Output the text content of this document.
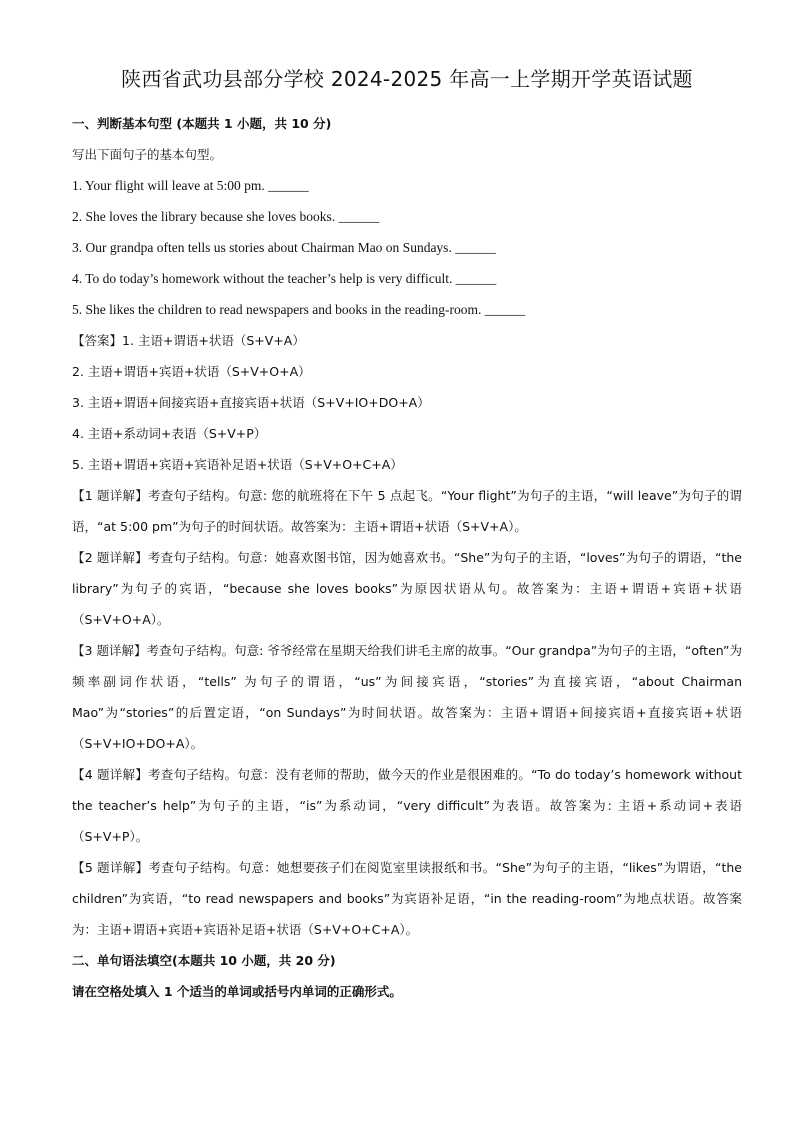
陕西省武功县部分学校 2024-2025 年高一上学期开学英语试题

一、判断基本句型 (本题共 1 小题，共 10 分)

写出下面句子的基本句型。

1. Your flight will leave at 5:00 pm. ______

2. She loves the library because she loves books. ______

3. Our grandpa often tells us stories about Chairman Mao on Sundays. ______

4. To do today’s homework without the teacher’s help is very difficult. ______

5. She likes the children to read newspapers and books in the reading-room. ______

【答案】1. 主语+谓语+状语（S+V+A）

2. 主语+谓语+宾语+状语（S+V+O+A）

3. 主语+谓语+间接宾语+直接宾语+状语（S+V+IO+DO+A）

4. 主语+系动词+表语（S+V+P）

5. 主语+谓语+宾语+宾语补足语+状语（S+V+O+C+A）

【1 题详解】考查句子结构。句意: 您的航班将在下午 5 点起飞。“Your flight”为句子的主语，“will leave”为句子的谓语，“at 5:00 pm”为句子的时间状语。故答案为：主语+谓语+状语（S+V+A）。

【2 题详解】考查句子结构。句意：她喜欢图书馆，因为她喜欢书。“She”为句子的主语，“loves”为句子的谓语，“the library”为句子的宾语，“because she loves books”为原因状语从句。故答案为：主语+谓语+宾语+状语（S+V+O+A）。

【3 题详解】考查句子结构。句意: 爷爷经常在星期天给我们讲毛主席的故事。“Our grandpa”为句子的主语，“often”为频率副词作状语，“tells” 为句子的谓语，“us”为间接宾语，“stories”为直接宾语，“about Chairman Mao”为“stories”的后置定语，“on Sundays”为时间状语。故答案为：主语+谓语+间接宾语+直接宾语+状语（S+V+IO+DO+A）。

【4 题详解】考查句子结构。句意：没有老师的帮助，做今天的作业是很困难的。“To do today’s homework without the teacher’s help”为句子的主语，“is”为系动词，“very difficult”为表语。故答案为: 主语+系动词+表语（S+V+P）。

【5 题详解】考查句子结构。句意：她想要孩子们在阅览室里读报纸和书。“She”为句子的主语，“likes”为谓语，“the children”为宾语，“to read newspapers and books”为宾语补足语，“in the reading-room”为地点状语。故答案为：主语+谓语+宾语+宾语补足语+状语（S+V+O+C+A）。

二、单句语法填空(本题共 10 小题，共 20 分)

请在空格处填入 1 个适当的单词或括号内单词的正确形式。
